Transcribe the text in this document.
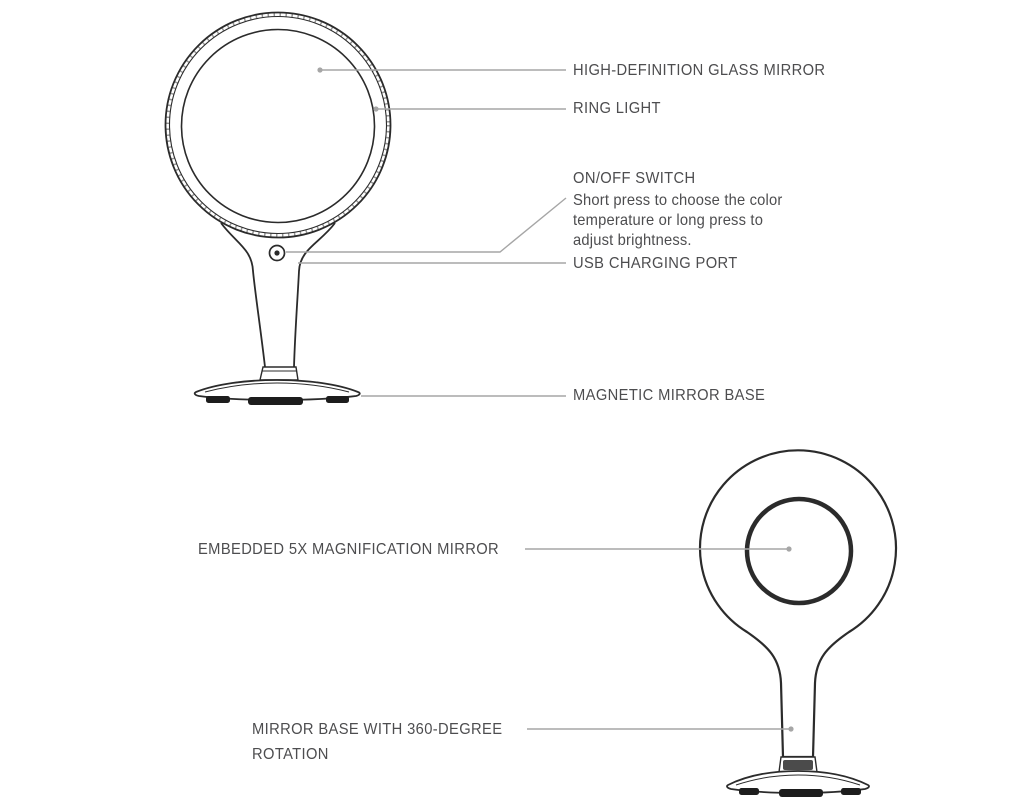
HIGH-DEFINITION GLASS MIRROR
RING LIGHT
ON/OFF SWITCH
Short press to choose the color
temperature or long press to
adjust brightness.
USB CHARGING PORT
MAGNETIC MIRROR BASE
EMBEDDED 5X MAGNIFICATION MIRROR
MIRROR BASE WITH 360-DEGREE
ROTATION
